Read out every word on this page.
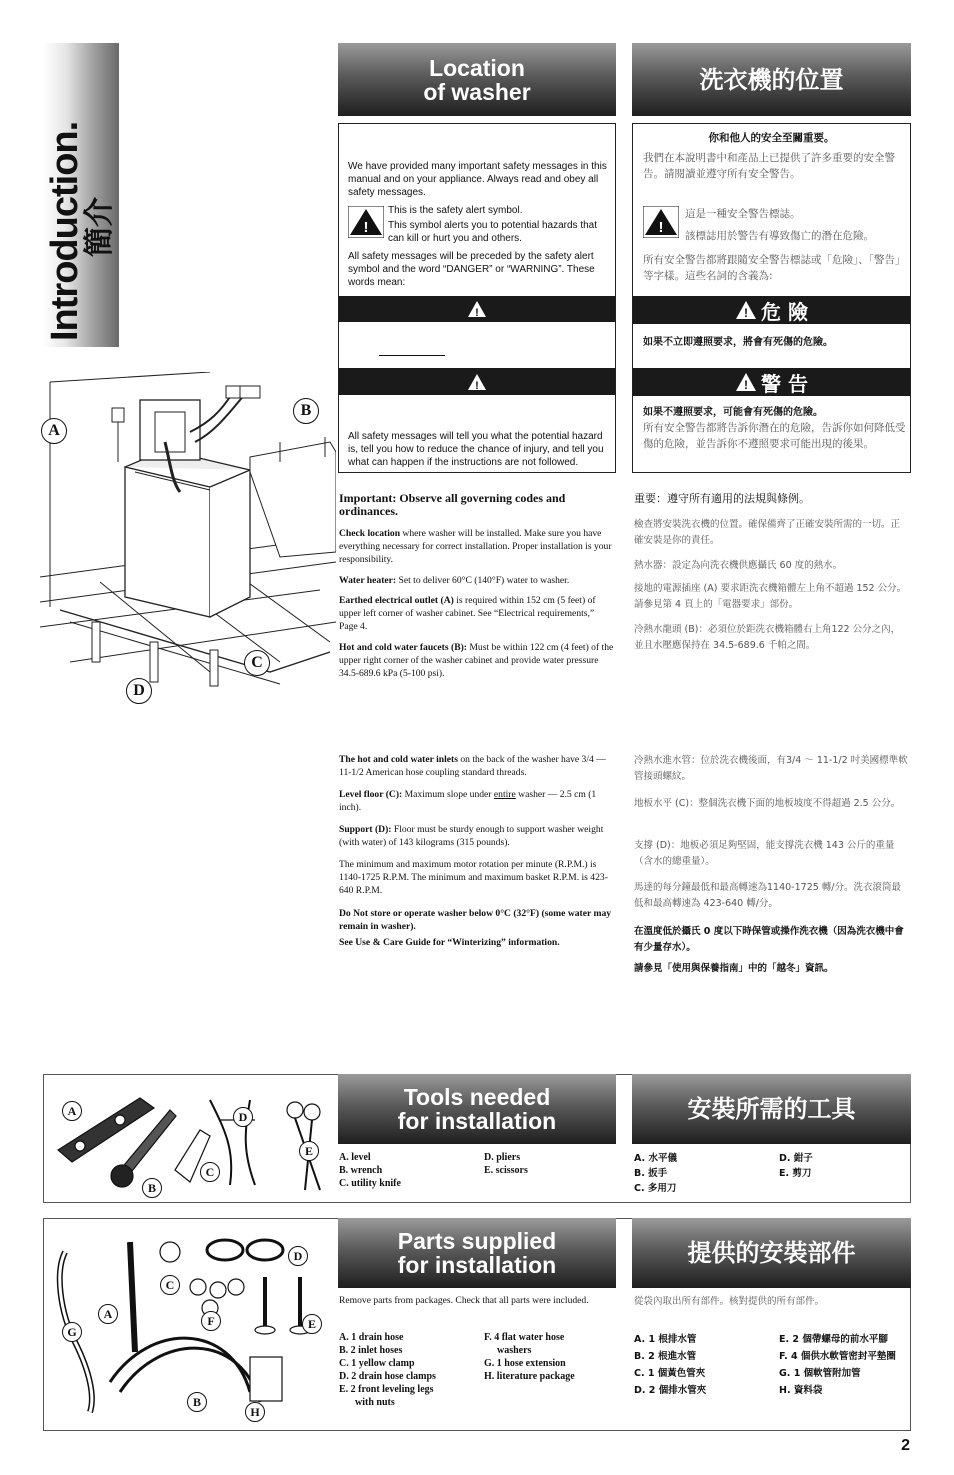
Introduction.
簡介
Location
of washer	洗衣機的位置
We have provided many important safety messages in this manual and on your appliance. Always read and obey all safety messages.
!
This is the safety alert symbol.
This symbol alerts you to potential hazards that can kill or hurt you and others.
All safety messages will be preceded by the safety alert symbol and the word “DANGER” or “WARNING”. These words mean:
!
!
All safety messages will tell you what the potential hazard is, tell you how to reduce the chance of injury, and tell you what can happen if the instructions are not followed.
你和他人的安全至關重要。
我們在本說明書中和產品上已提供了許多重要的安全警告。請閱讀並遵守所有安全警告。
!
這是一種安全警告標誌。
該標誌用於警告有導致傷亡的潛在危險。
所有安全警告都將跟隨安全警告標誌或「危險」、「警告」等字樣。這些名詞的含義為:
! 危 險
如果不立即遵照要求，將會有死傷的危險。
! 警 告
如果不遵照要求，可能會有死傷的危險。
所有安全警告都將告訴你潛在的危險，告訴你如何降低受傷的危險，並告訴你不遵照要求可能出現的後果。
A
B
C
D
Important: Observe all governing codes and ordinances.
Check location where washer will be installed. Make sure you have everything necessary for correct installation. Proper installation is your responsibility.
Water heater: Set to deliver 60°C (140°F) water to washer.
Earthed electrical outlet (A) is required within 152 cm (5 feet) of upper left corner of washer cabinet. See “Electrical requirements,” Page 4.
Hot and cold water faucets (B): Must be within 122 cm (4 feet) of the upper right corner of the washer cabinet and provide water pressure 34.5-689.6 kPa (5-100 psi).
The hot and cold water inlets on the back of the washer have 3/4 — 11-1/2 American hose coupling standard threads.
Level floor (C): Maximum slope under entire washer — 2.5 cm (1 inch).
Support (D): Floor must be sturdy enough to support washer weight (with water) of 143 kilograms (315 pounds).
The minimum and maximum motor rotation per minute (R.P.M.) is 1140-1725 R.P.M. The minimum and maximum basket R.P.M. is 423-640 R.P.M.
Do Not store or operate washer below 0°C (32°F) (some water may remain in washer).
See Use & Care Guide for “Winterizing” information.
重要：遵守所有適用的法規與條例。
檢查將安裝洗衣機的位置。確保備齊了正確安裝所需的一切。正確安裝是你的責任。
熱水器：設定為向洗衣機供應攝氏 60 度的熱水。
接地的電源插座 (A) 要求距洗衣機箱體左上角不超過 152 公分。請參見第 4 頁上的「電器要求」部份。
冷熱水龍頭 (B)：必須位於距洗衣機箱體右上角122 公分之內，並且水壓應保持在 34.5-689.6 千帕之間。
冷熱水進水管：位於洗衣機後面，有3/4 ～ 11-1/2 吋美國標準軟管接頭螺紋。
地板水平 (C)：整個洗衣機下面的地板坡度不得超過 2.5 公分。
支撐 (D)：地板必須足夠堅固，能支撐洗衣機 143 公斤的重量（含水的總重量）。
馬達的每分鐘最低和最高轉速為1140-1725 轉/分。洗衣滾筒最低和最高轉速為 423-640 轉/分。
在溫度低於攝氏 0 度以下時保管或操作洗衣機（因為洗衣機中會有少量存水）。
請參見「使用與保養指南」中的「越冬」資訊。
A
B
C
D
E
Tools needed
for installation	安裝所需的工具
A. level
B. wrench
C. utility knife
D. pliers
E. scissors
A. 水平儀
B. 扳手
C. 多用刀
D. 鉗子
E. 剪刀
A
B
C
D
E
F
G
H
Parts supplied
for installation	提供的安裝部件
Remove parts from packages. Check that all parts were included.	從袋內取出所有部件。核對提供的所有部件。
A. 1 drain hose
B. 2 inlet hoses
C. 1 yellow clamp
D. 2 drain hose clamps
E. 2 front leveling legs
with nuts
F. 4 flat water hose
washers
G. 1 hose extension
H. literature package
A. 1 根排水管
B. 2 根進水管
C. 1 個黃色管夾
D. 2 個排水管夾
E. 2 個帶螺母的前水平腳
F. 4 個供水軟管密封平墊圈
G. 1 個軟管附加管
H. 資料袋
2
